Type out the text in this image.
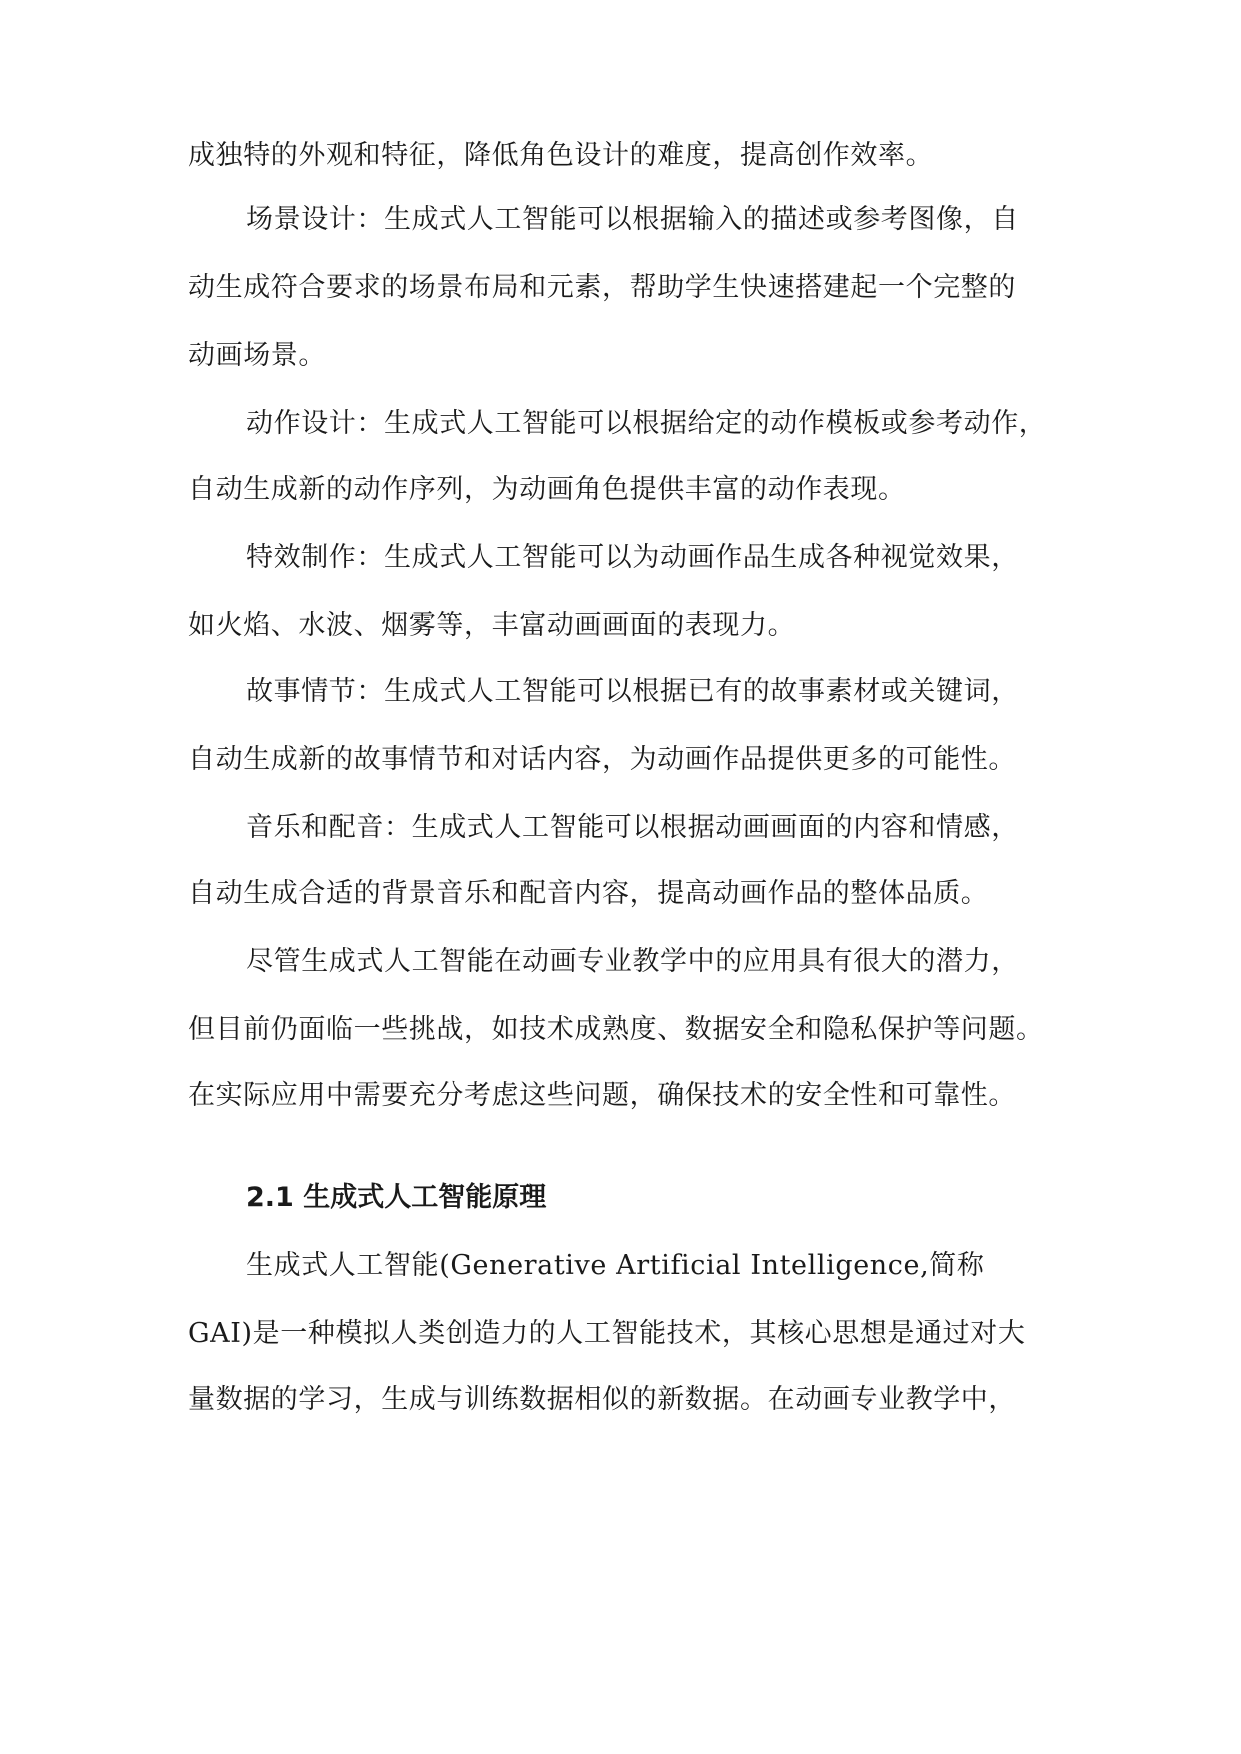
成独特的外观和特征，降低角色设计的难度，提高创作效率。
场景设计：生成式人工智能可以根据输入的描述或参考图像，自
动生成符合要求的场景布局和元素，帮助学生快速搭建起一个完整的
动画场景。
动作设计：生成式人工智能可以根据给定的动作模板或参考动作，
自动生成新的动作序列，为动画角色提供丰富的动作表现。
特效制作：生成式人工智能可以为动画作品生成各种视觉效果，
如火焰、水波、烟雾等，丰富动画画面的表现力。
故事情节：生成式人工智能可以根据已有的故事素材或关键词，
自动生成新的故事情节和对话内容，为动画作品提供更多的可能性。
音乐和配音：生成式人工智能可以根据动画画面的内容和情感，
自动生成合适的背景音乐和配音内容，提高动画作品的整体品质。
尽管生成式人工智能在动画专业教学中的应用具有很大的潜力，
但目前仍面临一些挑战，如技术成熟度、数据安全和隐私保护等问题。
在实际应用中需要充分考虑这些问题，确保技术的安全性和可靠性。
2.1 生成式人工智能原理
生成式人工智能(Generative Artificial Intelligence,简称
GAI)是一种模拟人类创造力的人工智能技术，其核心思想是通过对大
量数据的学习，生成与训练数据相似的新数据。在动画专业教学中，
